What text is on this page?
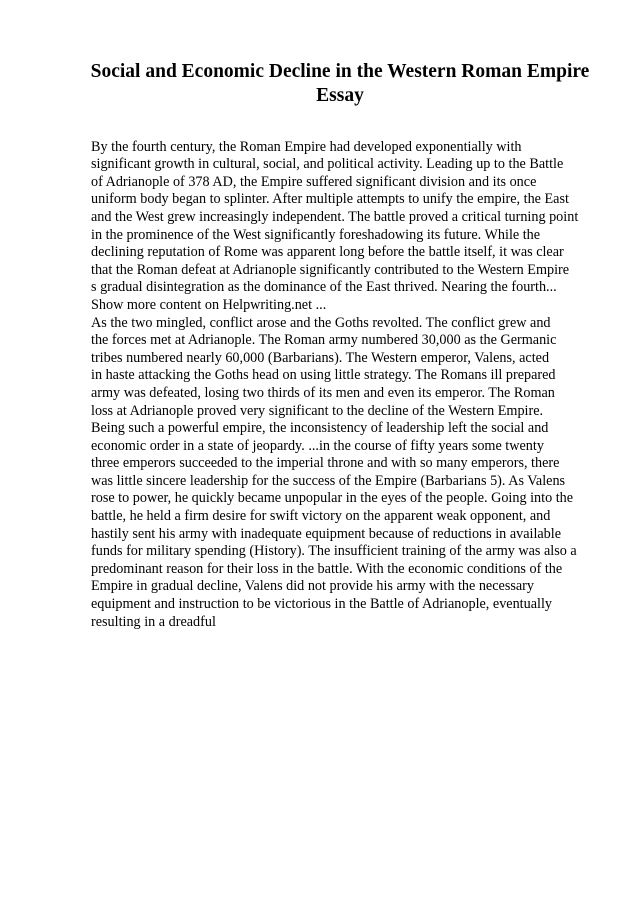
Social and Economic Decline in the Western Roman Empire
Essay

By the fourth century, the Roman Empire had developed exponentially with
significant growth in cultural, social, and political activity. Leading up to the Battle
of Adrianople of 378 AD, the Empire suffered significant division and its once
uniform body began to splinter. After multiple attempts to unify the empire, the East
and the West grew increasingly independent. The battle proved a critical turning point
in the prominence of the West significantly foreshadowing its future. While the
declining reputation of Rome was apparent long before the battle itself, it was clear
that the Roman defeat at Adrianople significantly contributed to the Western Empire
s gradual disintegration as the dominance of the East thrived. Nearing the fourth...
Show more content on Helpwriting.net ...

As the two mingled, conflict arose and the Goths revolted. The conflict grew and
the forces met at Adrianople. The Roman army numbered 30,000 as the Germanic
tribes numbered nearly 60,000 (Barbarians). The Western emperor, Valens, acted
in haste attacking the Goths head on using little strategy. The Romans ill prepared
army was defeated, losing two thirds of its men and even its emperor. The Roman
loss at Adrianople proved very significant to the decline of the Western Empire.
Being such a powerful empire, the inconsistency of leadership left the social and
economic order in a state of jeopardy. ...in the course of fifty years some twenty
three emperors succeeded to the imperial throne and with so many emperors, there
was little sincere leadership for the success of the Empire (Barbarians 5). As Valens
rose to power, he quickly became unpopular in the eyes of the people. Going into the
battle, he held a firm desire for swift victory on the apparent weak opponent, and
hastily sent his army with inadequate equipment because of reductions in available
funds for military spending (History). The insufficient training of the army was also a
predominant reason for their loss in the battle. With the economic conditions of the
Empire in gradual decline, Valens did not provide his army with the necessary
equipment and instruction to be victorious in the Battle of Adrianople, eventually
resulting in a dreadful
